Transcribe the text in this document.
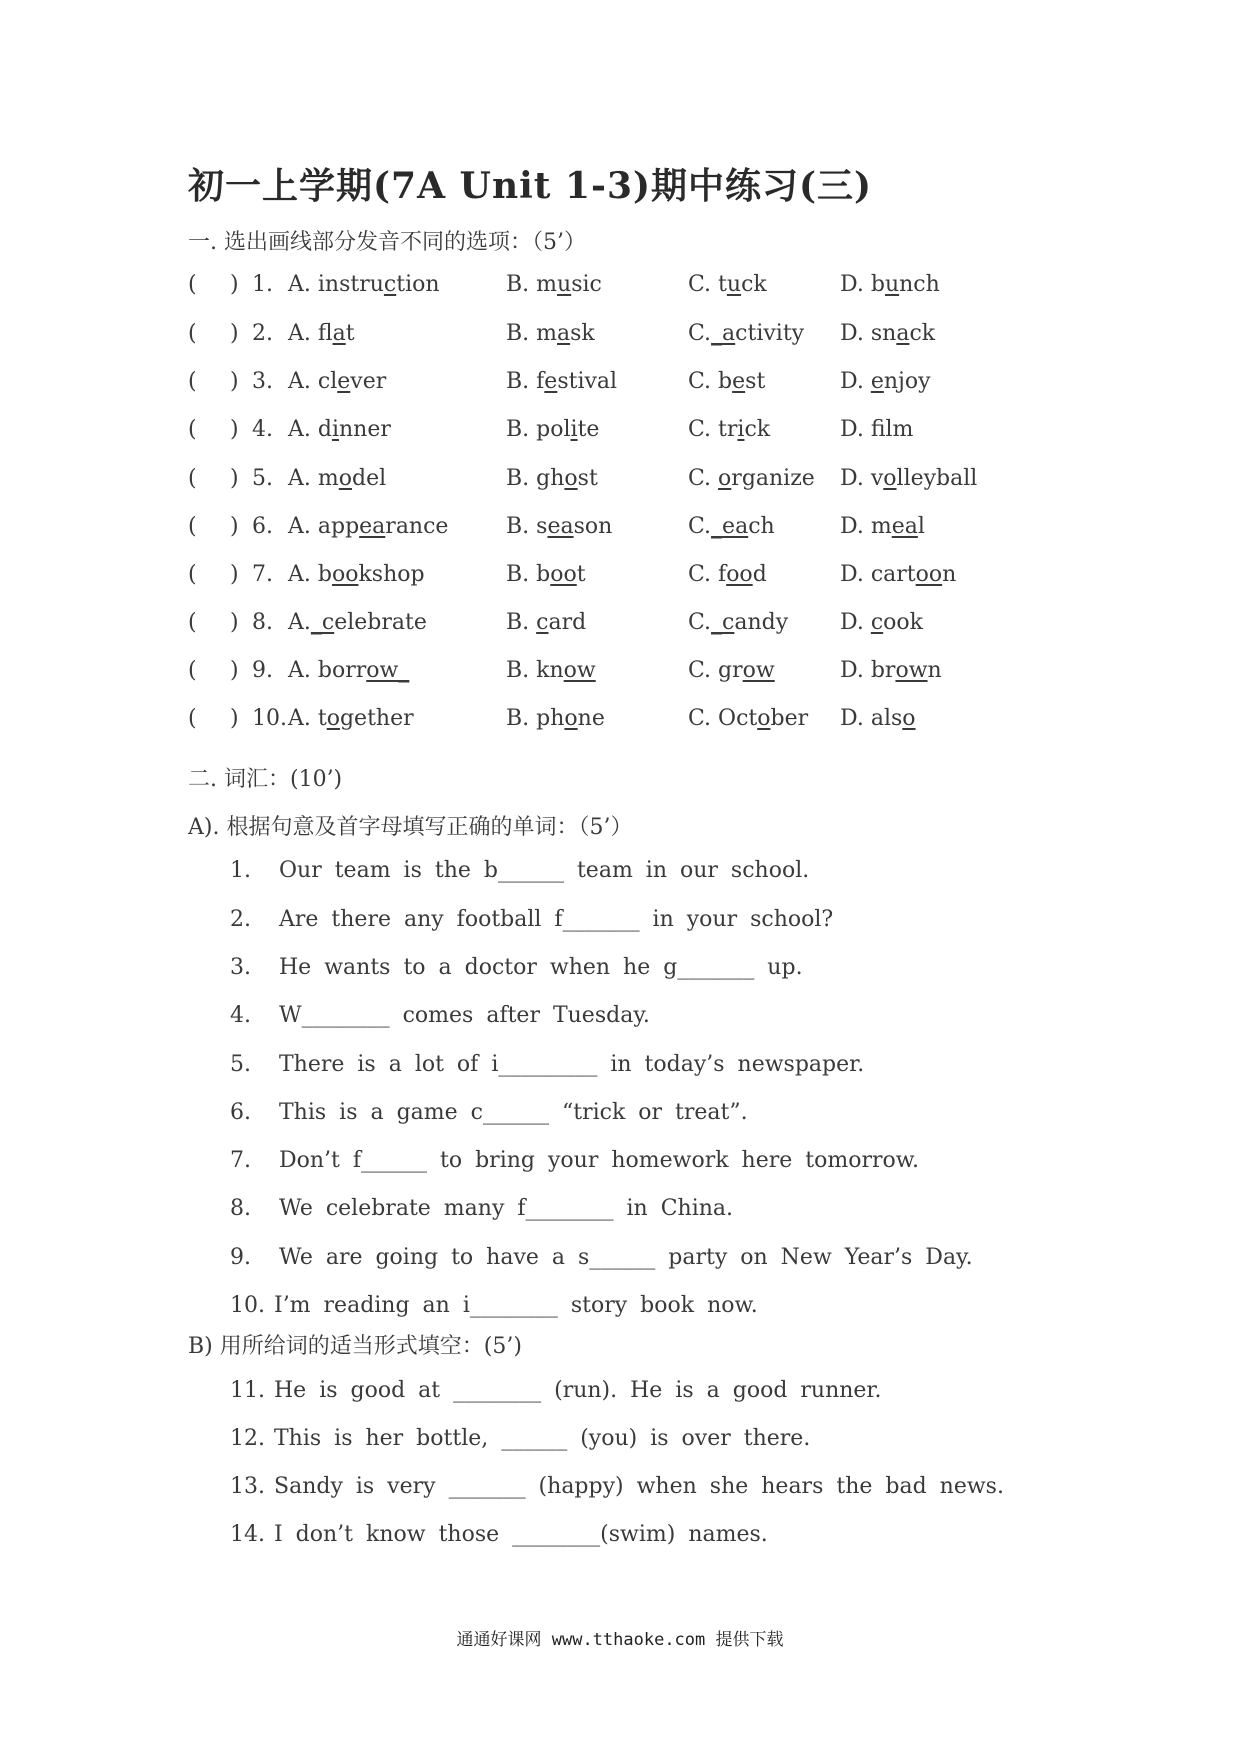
初一上学期(7A Unit 1-3)期中练习(三)
一. 选出画线部分发音不同的选项：（5’）
( ) 1. A. instruction	B. music	C. tuck	D. bunch
( ) 2. A. flat	B. mask	C._activity D. snack
( ) 3. A. clever	B. festival	C. best	D. enjoy
( ) 4. A. dinner	B. polite	C. trick	D. flm
( ) 5. A. model	B. ghost	C. organize D. volleyball
( ) 6. A. appearance	B. season	C._each	D. meal
( ) 7. A. bookshop	B. boot	C. food	D. cartoon
( ) 8. A._celebrate	B. card	C._candy D. cook
( ) 9. A. borrow_	B. know	C. grow	D. brown
( ) 10. A. together	B. phone	C. October D. also
二. 词汇：(10’)
A). 根据句意及首字母填写正确的单词：（5’）
1. Our team is the b______ team in our school.
2. Are there any football f_______ in your school?
3. He wants to a doctor when he g_______ up.
4. W________ comes after Tuesday.
5. There is a lot of i_________ in today’s newspaper.
6. This is a game c______ “trick or treat”.
7. Don’t f______ to bring your homework here tomorrow.
8. We celebrate many f________ in China.
9. We are going to have a s______ party on New Year’s Day.
10. I’m reading an i________ story book now.
B) 用所给词的适当形式填空：(5’)
11. He is good at ________ (run). He is a good runner.
12. This is her bottle, ______ (you) is over there.
13. Sandy is very _______ (happy) when she hears the bad news.
14. I don’t know those ________(swim) names.
通通好课网 www.tthaoke.com 提供下载
